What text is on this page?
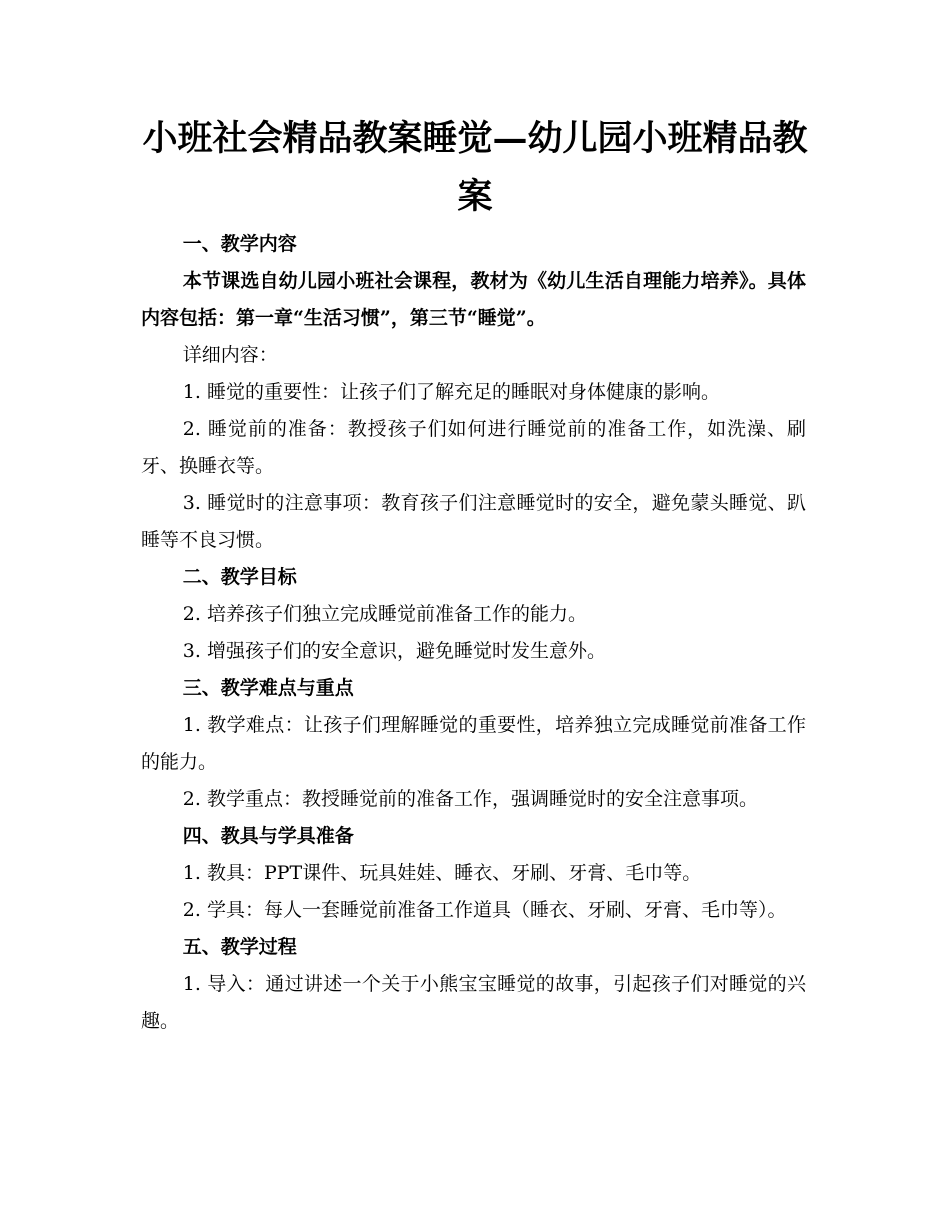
小班社会精品教案睡觉—幼儿园小班精品教案

一、教学内容

本节课选自幼儿园小班社会课程，教材为《幼儿生活自理能力培养》。具体内容包括：第一章“生活习惯”，第三节“睡觉”。

详细内容：

1. 睡觉的重要性：让孩子们了解充足的睡眠对身体健康的影响。

2. 睡觉前的准备：教授孩子们如何进行睡觉前的准备工作，如洗澡、刷牙、换睡衣等。

3. 睡觉时的注意事项：教育孩子们注意睡觉时的安全，避免蒙头睡觉、趴睡等不良习惯。

二、教学目标

2. 培养孩子们独立完成睡觉前准备工作的能力。

3. 增强孩子们的安全意识，避免睡觉时发生意外。

三、教学难点与重点

1. 教学难点：让孩子们理解睡觉的重要性，培养独立完成睡觉前准备工作的能力。

2. 教学重点：教授睡觉前的准备工作，强调睡觉时的安全注意事项。

四、教具与学具准备

1. 教具：PPT课件、玩具娃娃、睡衣、牙刷、牙膏、毛巾等。

2. 学具：每人一套睡觉前准备工作道具（睡衣、牙刷、牙膏、毛巾等）。

五、教学过程

1. 导入：通过讲述一个关于小熊宝宝睡觉的故事，引起孩子们对睡觉的兴趣。
